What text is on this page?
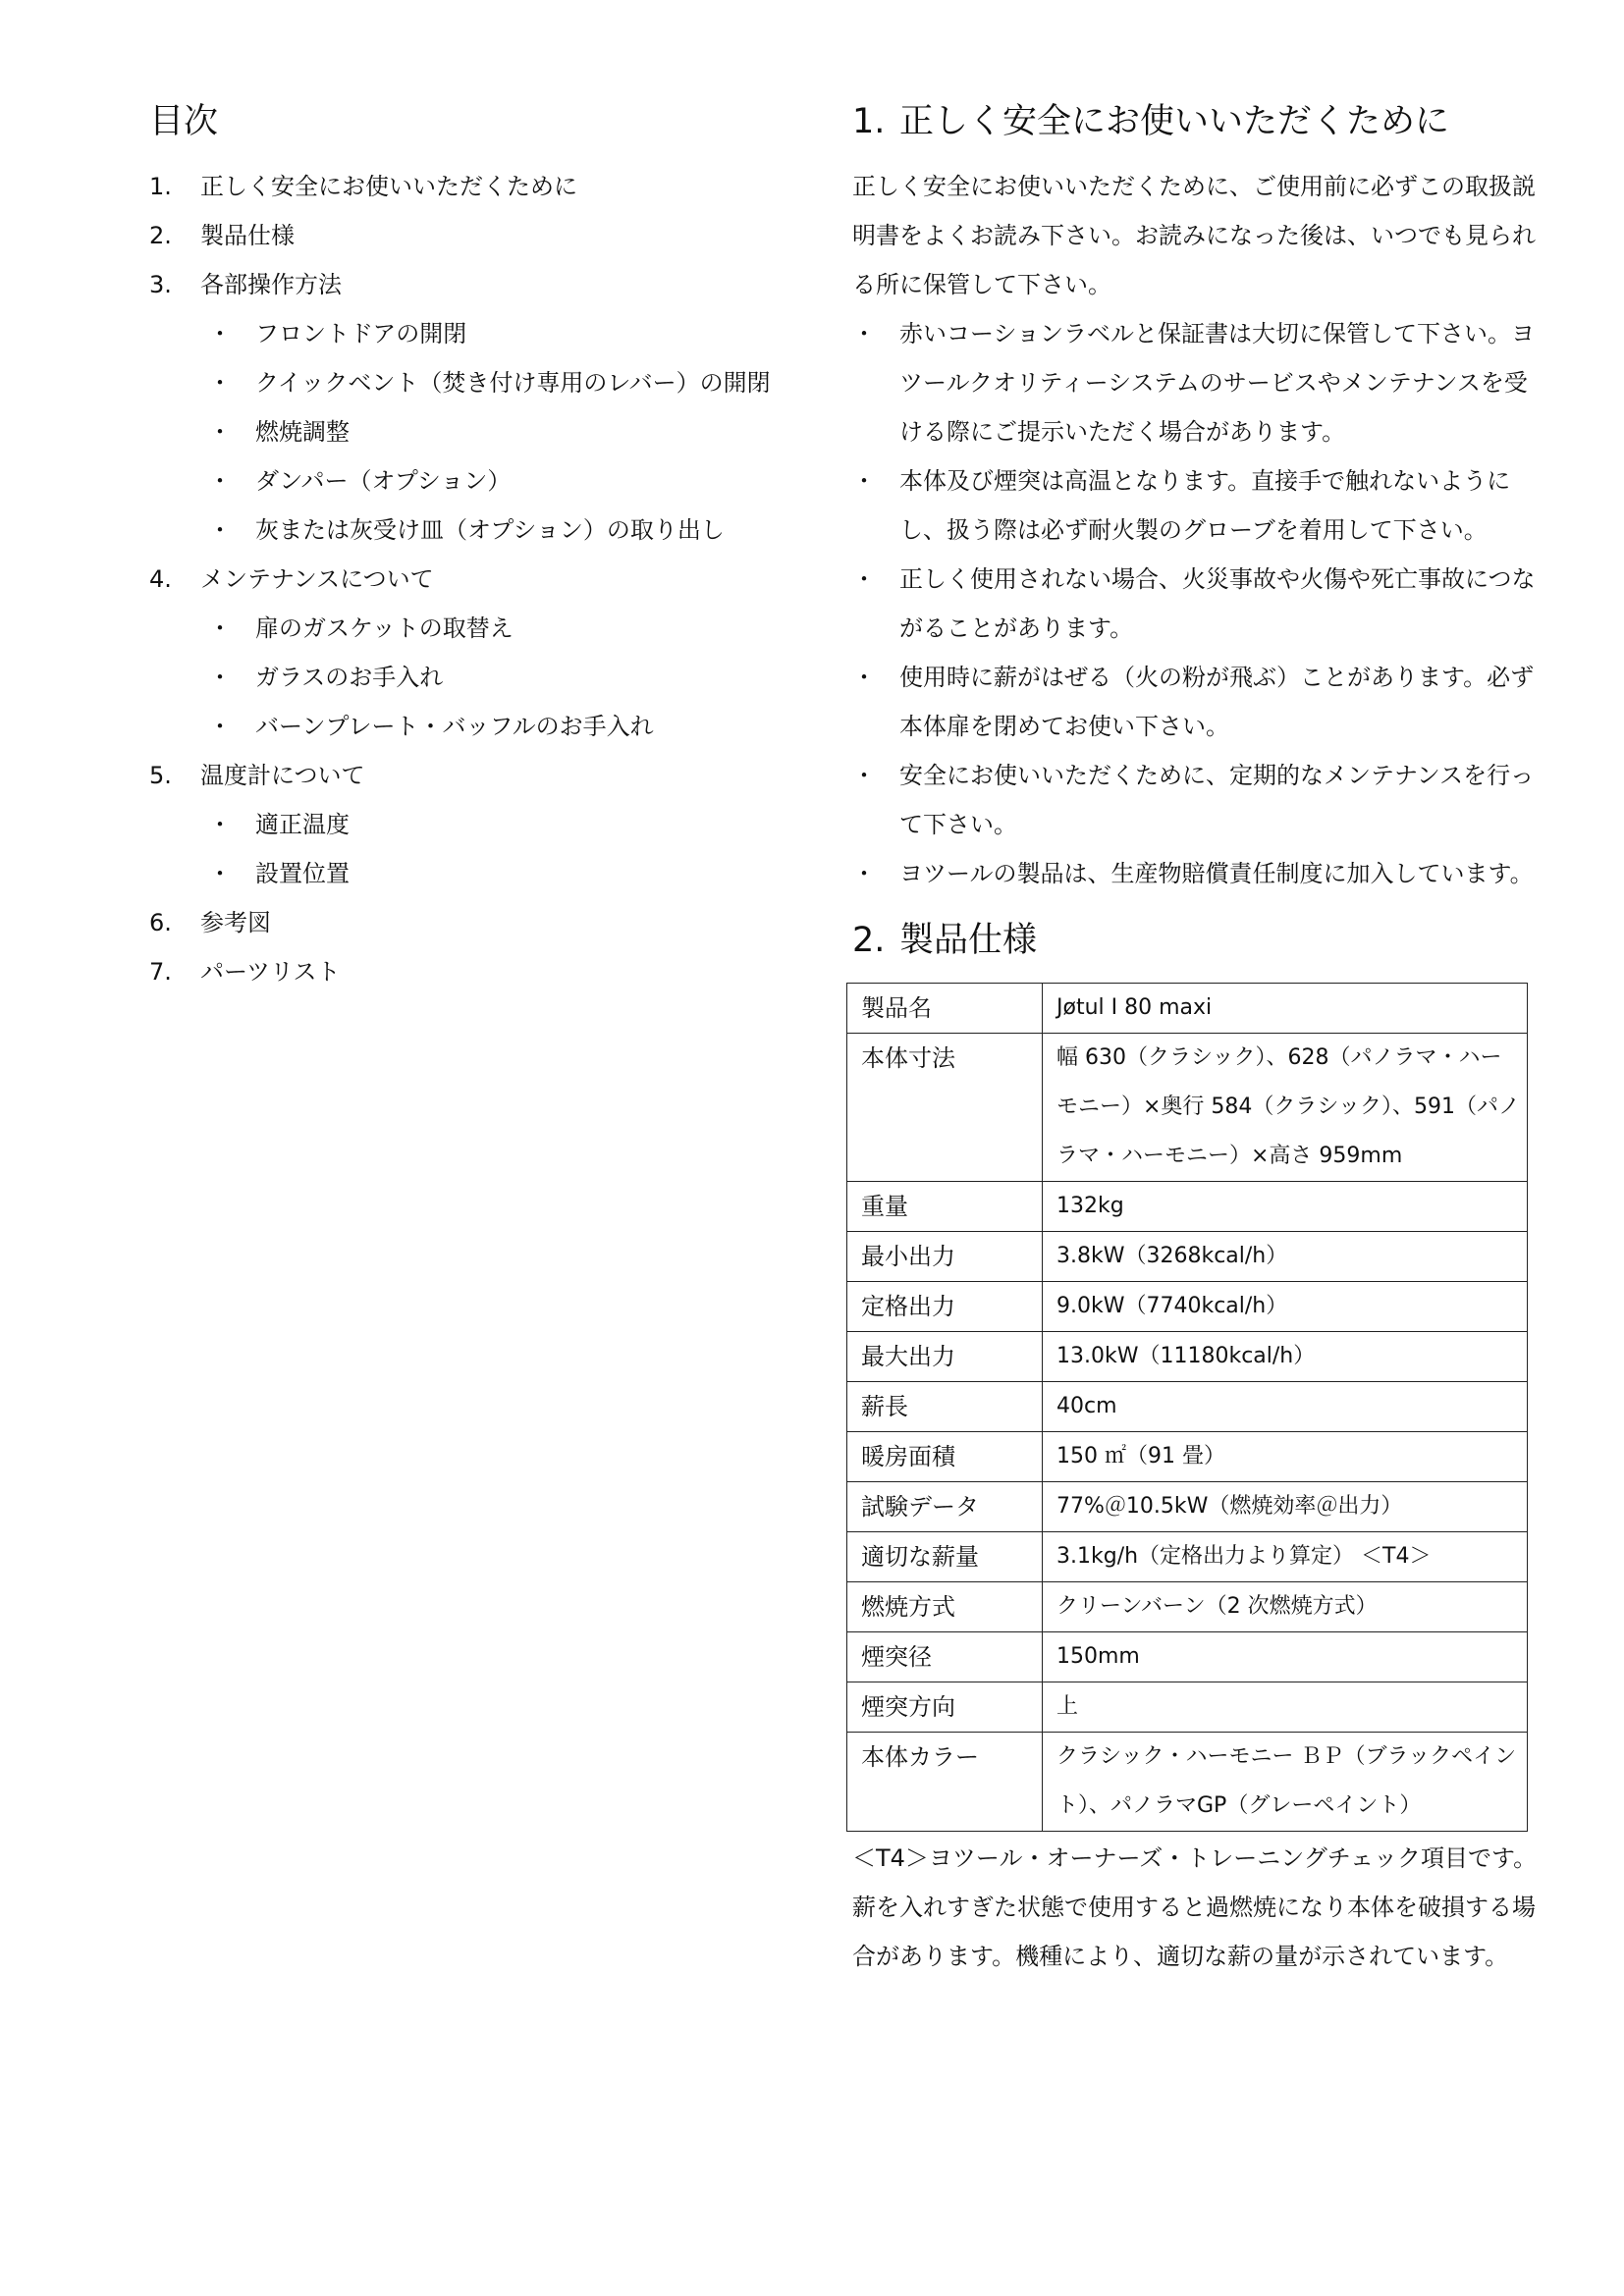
目次
1.	正しく安全にお使いいただくために
2.	製品仕様
3.	各部操作方法
・ フロントドアの開閉
・ クイックベント（焚き付け専用のレバー）の開閉
・ 燃焼調整
・ ダンパー（オプション）
・ 灰または灰受け皿（オプション）の取り出し
4.	メンテナンスについて
・ 扉のガスケットの取替え
・ ガラスのお手入れ
・ バーンプレート・バッフルのお手入れ
5.	温度計について
・ 適正温度
・ 設置位置
6.	参考図
7.	パーツリスト
1. 正しく安全にお使いいただくために

正しく安全にお使いいただくために、ご使用前に必ずこの取扱説明書をよくお読み下さい。お読みになった後は、いつでも見られる所に保管して下さい。

・ 赤いコーションラベルと保証書は大切に保管して下さい。ヨツールクオリティーシステムのサービスやメンテナンスを受ける際にご提示いただく場合があります。
・ 本体及び煙突は高温となります。直接手で触れないようにし、扱う際は必ず耐火製のグローブを着用して下さい。
・ 正しく使用されない場合、火災事故や火傷や死亡事故につながることがあります。
・ 使用時に薪がはぜる（火の粉が飛ぶ）ことがあります。必ず本体扉を閉めてお使い下さい。
・ 安全にお使いいただくために、定期的なメンテナンスを行って下さい。
・ ヨツールの製品は、生産物賠償責任制度に加入しています。
2. 製品仕様
製品名	Jøtul I 80 maxi
本体寸法	幅 630（クラシック）、628（パノラマ・ハーモニー）×奥行 584（クラシック）、591（パノラマ・ハーモニー）×高さ 959mm
重量	132kg
最小出力	3.8kW（3268kcal/h）
定格出力	9.0kW（7740kcal/h）
最大出力	13.0kW（11180kcal/h）
薪長	40cm
暖房面積	150 ㎡（91 畳）
試験データ	77%＠10.5kW（燃焼効率＠出力）
適切な薪量	3.1kg/h（定格出力より算定） ＜T4＞
燃焼方式	クリーンバーン（2 次燃焼方式）
煙突径	150mm
煙突方向	上
本体カラー	クラシック・ハーモニー ＢＰ（ブラックペイント）、パノラマGP（グレーペイント）

＜T4＞ヨツール・オーナーズ・トレーニングチェック項目です。薪を入れすぎた状態で使用すると過燃焼になり本体を破損する場合があります。機種により、適切な薪の量が示されています。
